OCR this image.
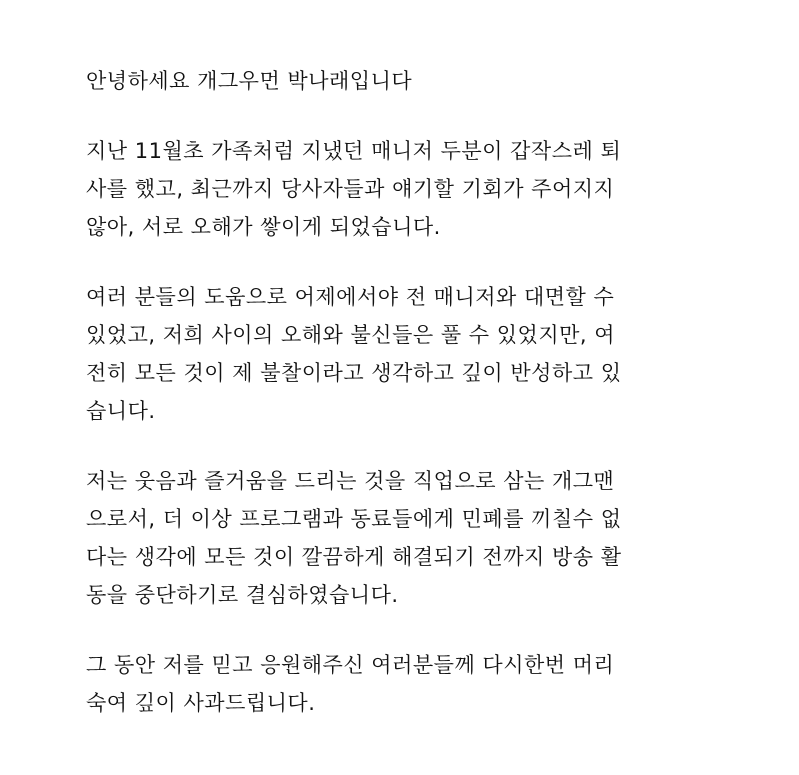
안녕하세요 개그우먼 박나래입니다
지난 11월초 가족처럼 지냈던 매니저 두분이 갑작스레 퇴
사를 했고, 최근까지 당사자들과 얘기할 기회가 주어지지
않아, 서로 오해가 쌓이게 되었습니다.
여러 분들의 도움으로 어제에서야 전 매니저와 대면할 수
있었고, 저희 사이의 오해와 불신들은 풀 수 있었지만, 여
전히 모든 것이 제 불찰이라고 생각하고 깊이 반성하고 있
습니다.
저는 웃음과 즐거움을 드리는 것을 직업으로 삼는 개그맨
으로서, 더 이상 프로그램과 동료들에게 민폐를 끼칠수 없
다는 생각에 모든 것이 깔끔하게 해결되기 전까지 방송 활
동을 중단하기로 결심하였습니다.
그 동안 저를 믿고 응원해주신 여러분들께 다시한번 머리
숙여 깊이 사과드립니다.
